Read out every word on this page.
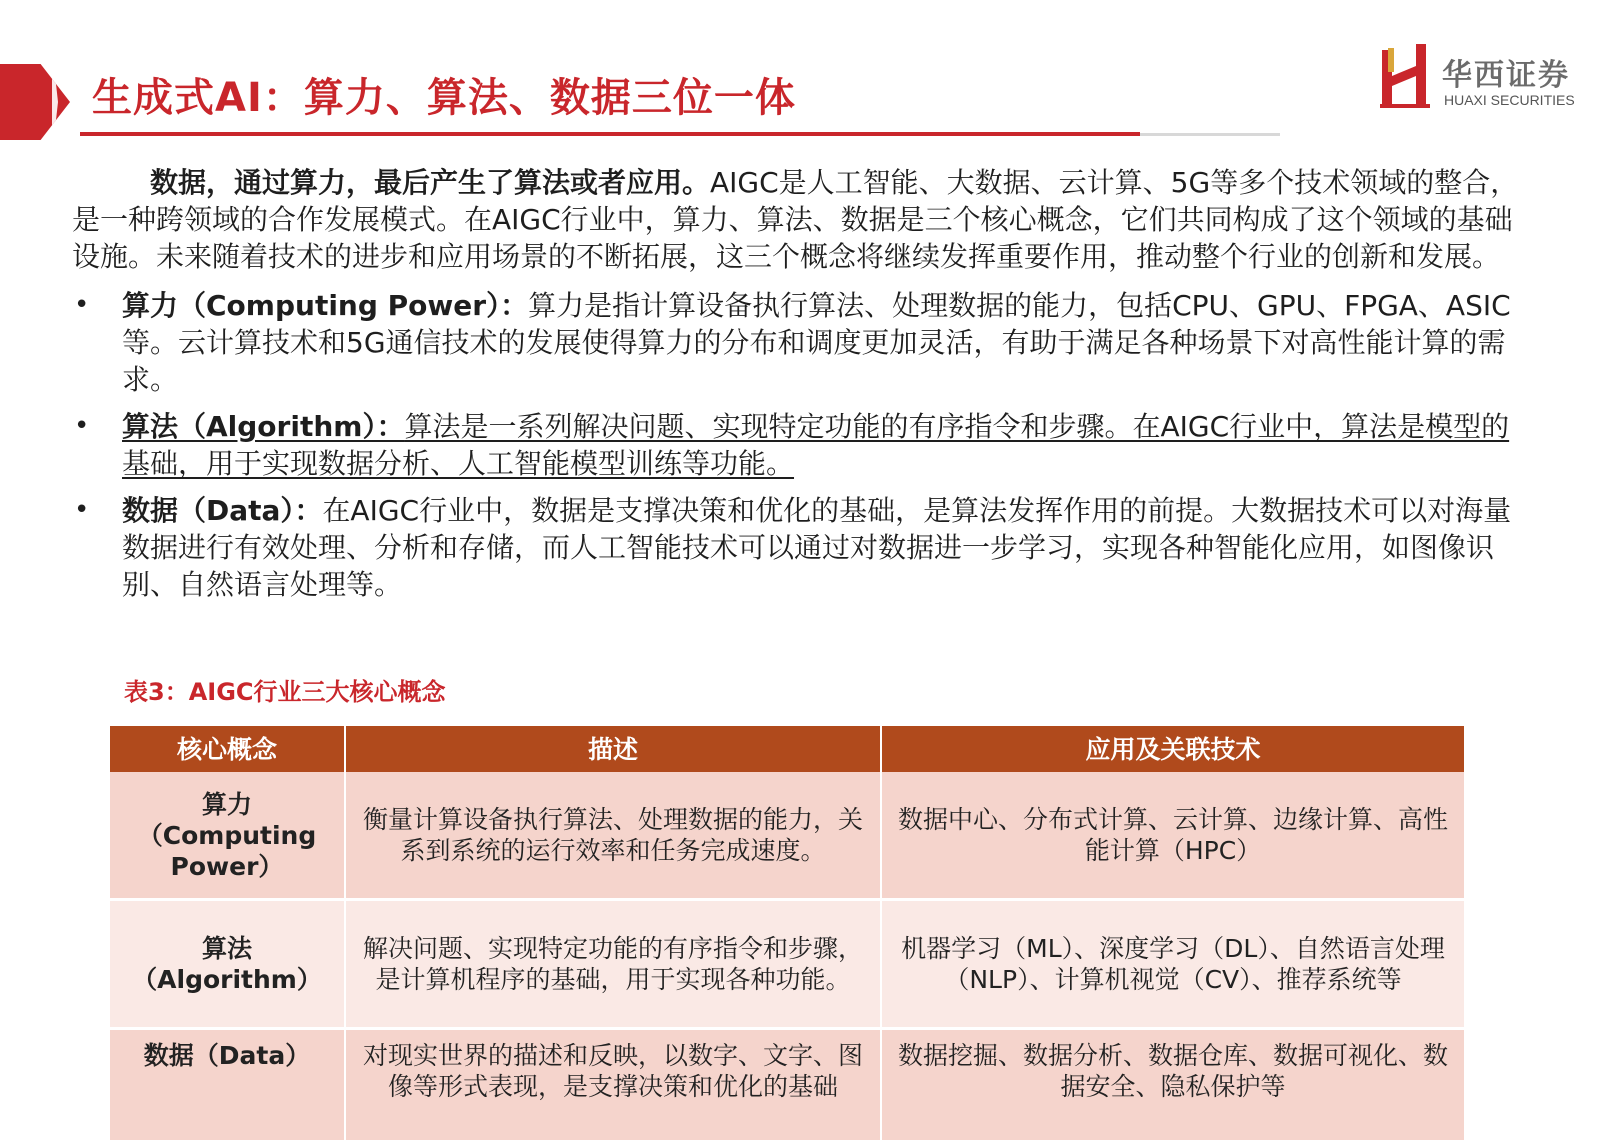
生成式AI：算力、算法、数据三位一体	华西证券
HUAXI SECURITIES

数据，通过算力，最后产生了算法或者应用。AIGC是人工智能、大数据、云计算、5G等多个技术领域的整合，是一种跨领域的合作发展模式。在AIGC行业中，算力、算法、数据是三个核心概念，它们共同构成了这个领域的基础设施。未来随着技术的进步和应用场景的不断拓展，这三个概念将继续发挥重要作用，推动整个行业的创新和发展。

• 算力（Computing Power）：算力是指计算设备执行算法、处理数据的能力，包括CPU、GPU、FPGA、ASIC等。云计算技术和5G通信技术的发展使得算力的分布和调度更加灵活，有助于满足各种场景下对高性能计算的需求。
• 算法（Algorithm）：算法是一系列解决问题、实现特定功能的有序指令和步骤。在AIGC行业中，算法是模型的基础，用于实现数据分析、人工智能模型训练等功能。
• 数据（Data）：在AIGC行业中，数据是支撑决策和优化的基础，是算法发挥作用的前提。大数据技术可以对海量数据进行有效处理、分析和存储，而人工智能技术可以通过对数据进一步学习，实现各种智能化应用，如图像识别、自然语言处理等。
表3：AIGC行业三大核心概念
核心概念	描述	应用及关联技术
算力（Computing Power）	衡量计算设备执行算法、处理数据的能力，关系到系统的运行效率和任务完成速度。	数据中心、分布式计算、云计算、边缘计算、高性能计算（HPC）
算法（Algorithm）	解决问题、实现特定功能的有序指令和步骤，是计算机程序的基础，用于实现各种功能。	机器学习（ML）、深度学习（DL）、自然语言处理（NLP）、计算机视觉（CV）、推荐系统等
数据（Data）	对现实世界的描述和反映，以数字、文字、图像等形式表现，是支撑决策和优化的基础	数据挖掘、数据分析、数据仓库、数据可视化、数据安全、隐私保护等
